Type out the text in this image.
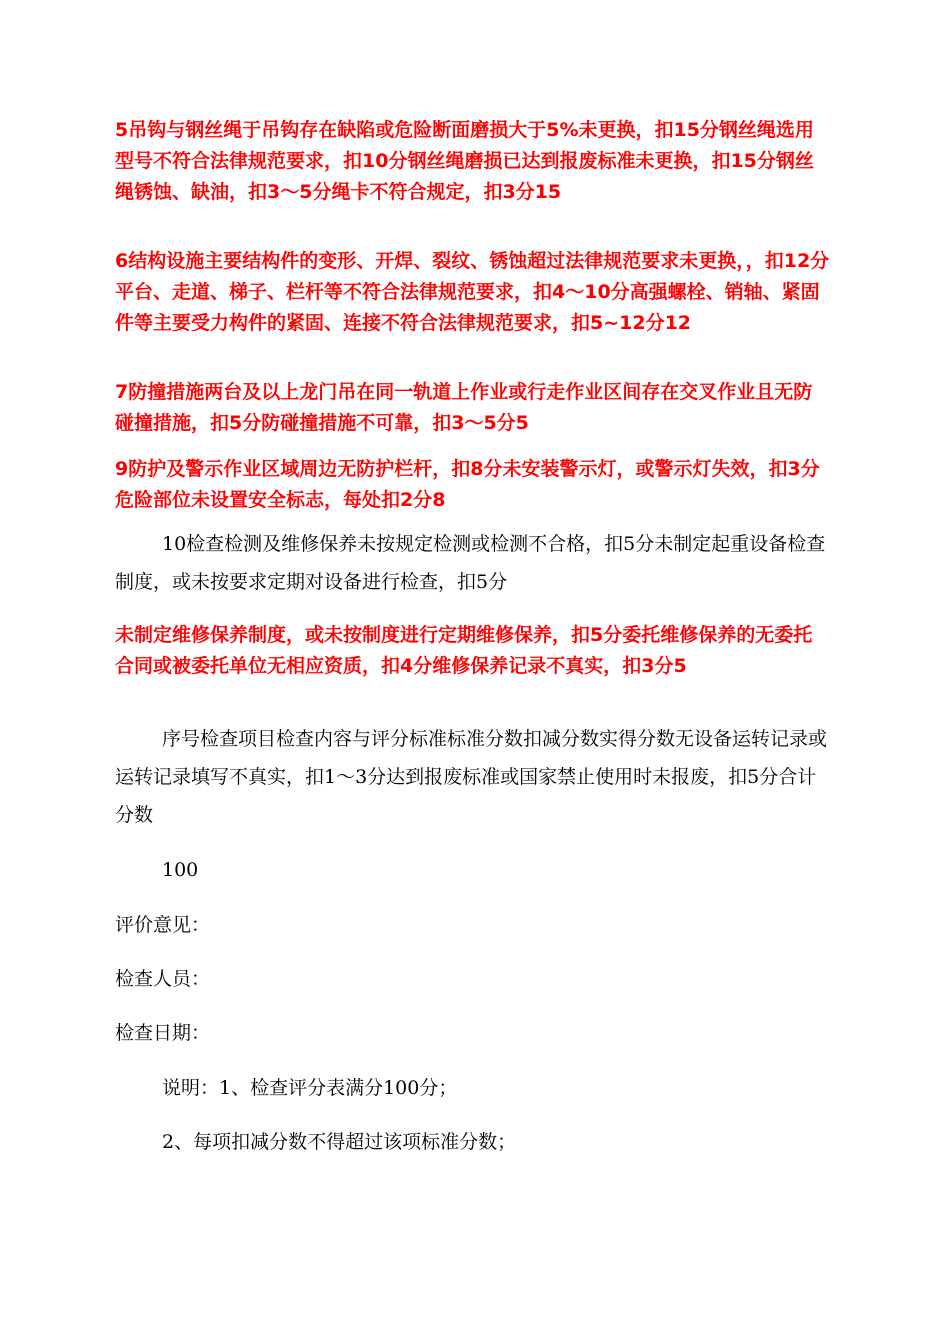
5吊钩与钢丝绳于吊钩存在缺陷或危险断面磨损大于5%未更换，扣15分钢丝绳选用型号不符合法律规范要求，扣10分钢丝绳磨损已达到报废标准未更换，扣15分钢丝绳锈蚀、缺油，扣3～5分绳卡不符合规定，扣3分15

6结构设施主要结构件的变形、开焊、裂纹、锈蚀超过法律规范要求未更换，，扣12分平台、走道、梯子、栏杆等不符合法律规范要求，扣4～10分高强螺栓、销轴、紧固件等主要受力构件的紧固、连接不符合法律规范要求，扣5~12分12

7防撞措施两台及以上龙门吊在同一轨道上作业或行走作业区间存在交叉作业且无防碰撞措施，扣5分防碰撞措施不可靠，扣3～5分5

9防护及警示作业区域周边无防护栏杆，扣8分未安装警示灯，或警示灯失效，扣3分危险部位未设置安全标志，每处扣2分8

10检查检测及维修保养未按规定检测或检测不合格，扣5分未制定起重设备检查制度，或未按要求定期对设备进行检查，扣5分

未制定维修保养制度，或未按制度进行定期维修保养，扣5分委托维修保养的无委托合同或被委托单位无相应资质，扣4分维修保养记录不真实，扣3分5

序号检查项目检查内容与评分标准标准分数扣减分数实得分数无设备运转记录或运转记录填写不真实，扣1～3分达到报废标准或国家禁止使用时未报废，扣5分合计分数

100

评价意见：

检查人员：

检查日期：

说明：1、检查评分表满分100分；

2、每项扣减分数不得超过该项标准分数；
